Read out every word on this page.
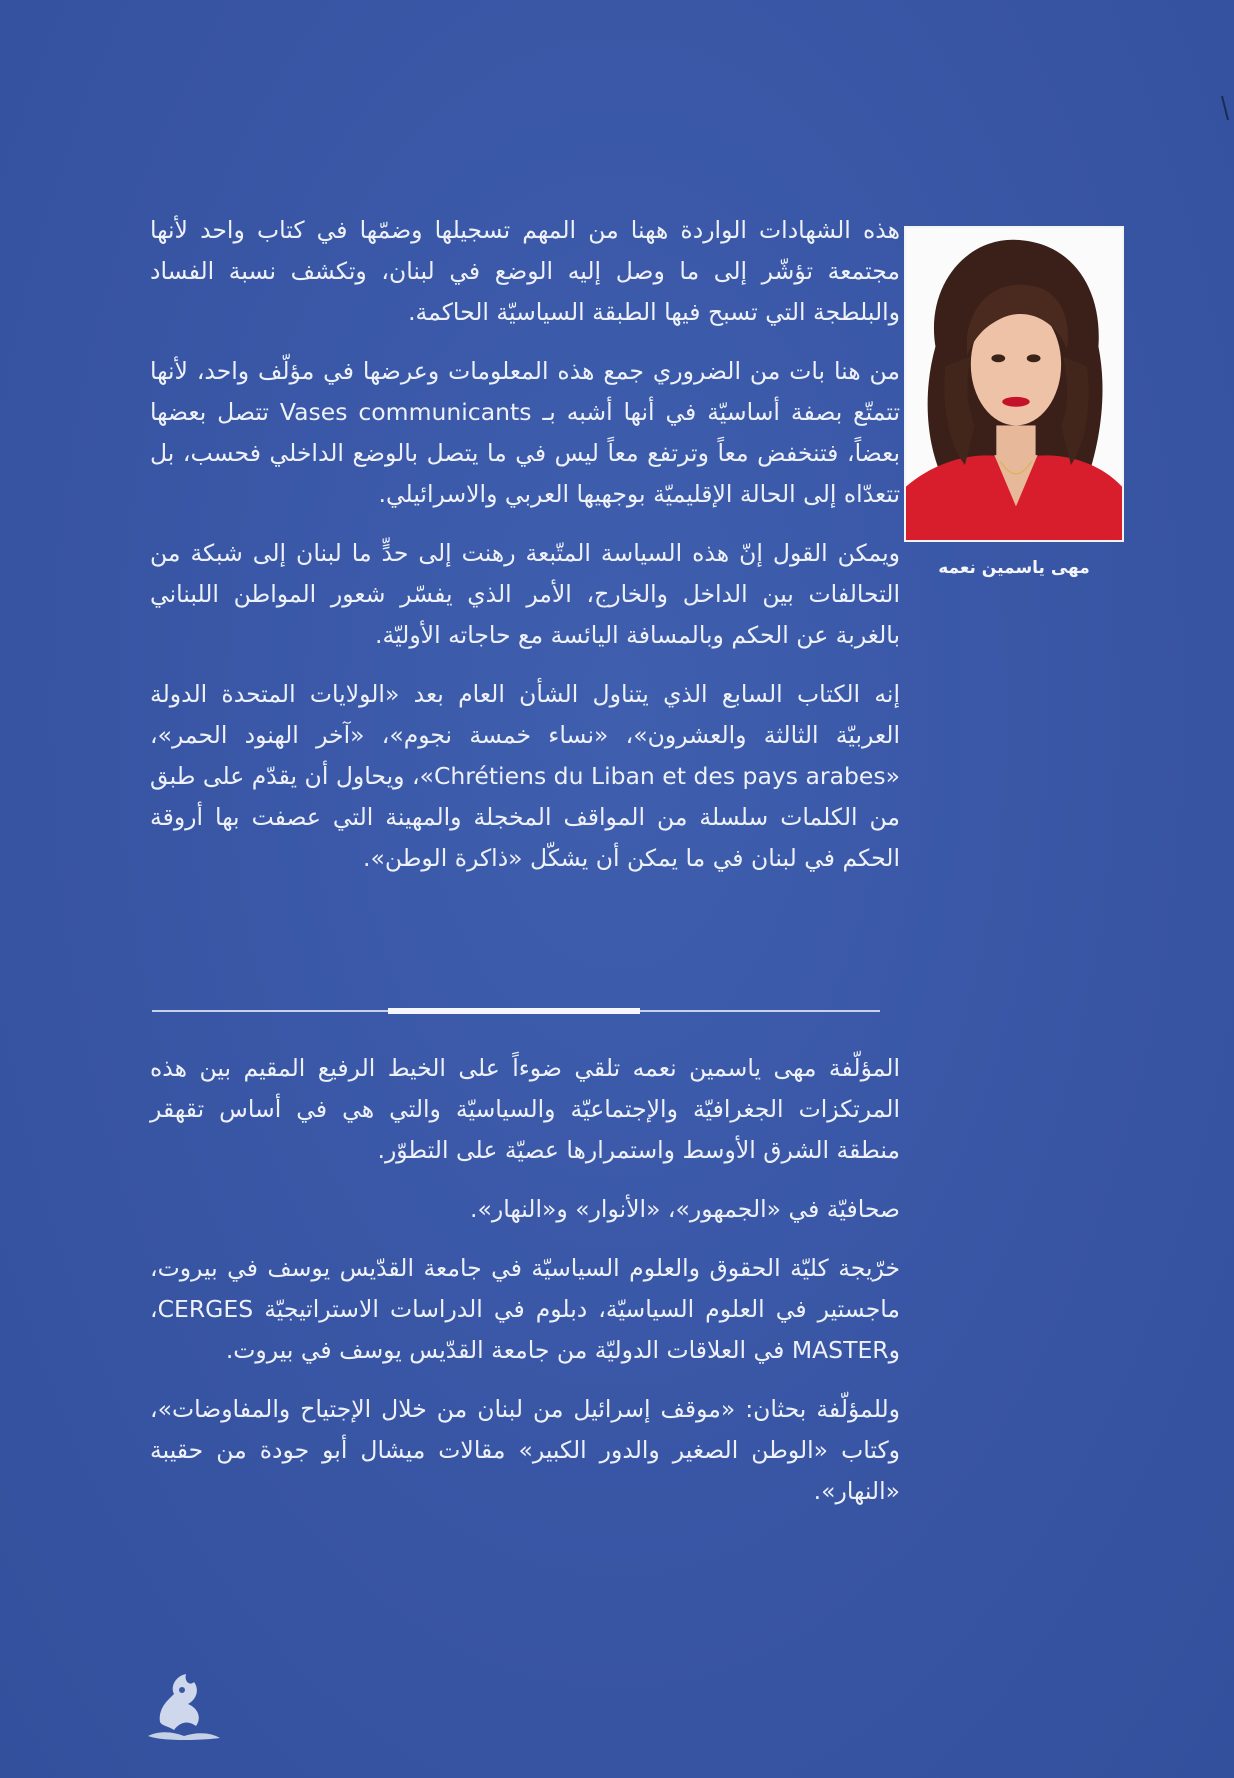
مهى ياسمين نعمه

هذه الشهادات الواردة ههنا من المهم تسجيلها وضمّها في كتاب واحد لأنها مجتمعة تؤشّر إلى ما وصل إليه الوضع في لبنان، وتكشف نسبة الفساد والبلطجة التي تسبح فيها الطبقة السياسيّة الحاكمة.

من هنا بات من الضروري جمع هذه المعلومات وعرضها في مؤلّف واحد، لأنها تتمتّع بصفة أساسيّة في أنها أشبه بـ Vases communicants تتصل بعضها بعضاً، فتنخفض معاً وترتفع معاً ليس في ما يتصل بالوضع الداخلي فحسب، بل تتعدّاه إلى الحالة الإقليميّة بوجهيها العربي والاسرائيلي.

ويمكن القول إنّ هذه السياسة المتّبعة رهنت إلى حدٍّ ما لبنان إلى شبكة من التحالفات بين الداخل والخارج، الأمر الذي يفسّر شعور المواطن اللبناني بالغربة عن الحكم وبالمسافة اليائسة مع حاجاته الأوليّة.

إنه الكتاب السابع الذي يتناول الشأن العام بعد «الولايات المتحدة الدولة العربيّة الثالثة والعشرون»، «نساء خمسة نجوم»، «آخر الهنود الحمر»، «Chrétiens du Liban et des pays arabes»، ويحاول أن يقدّم على طبق من الكلمات سلسلة من المواقف المخجلة والمهينة التي عصفت بها أروقة الحكم في لبنان في ما يمكن أن يشكّل «ذاكرة الوطن».

المؤلّفة مهى ياسمين نعمه تلقي ضوءاً على الخيط الرفيع المقيم بين هذه المرتكزات الجغرافيّة والإجتماعيّة والسياسيّة والتي هي في أساس تقهقر منطقة الشرق الأوسط واستمرارها عصيّة على التطوّر.

صحافيّة في «الجمهور»، «الأنوار» و«النهار».

خرّيجة كليّة الحقوق والعلوم السياسيّة في جامعة القدّيس يوسف في بيروت، ماجستير في العلوم السياسيّة، دبلوم في الدراسات الاستراتيجيّة CERGES، وMASTER في العلاقات الدوليّة من جامعة القدّيس يوسف في بيروت.

وللمؤلّفة بحثان: «موقف إسرائيل من لبنان من خلال الإجتياح والمفاوضات»، وكتاب «الوطن الصغير والدور الكبير» مقالات ميشال أبو جودة من حقيبة «النهار».
